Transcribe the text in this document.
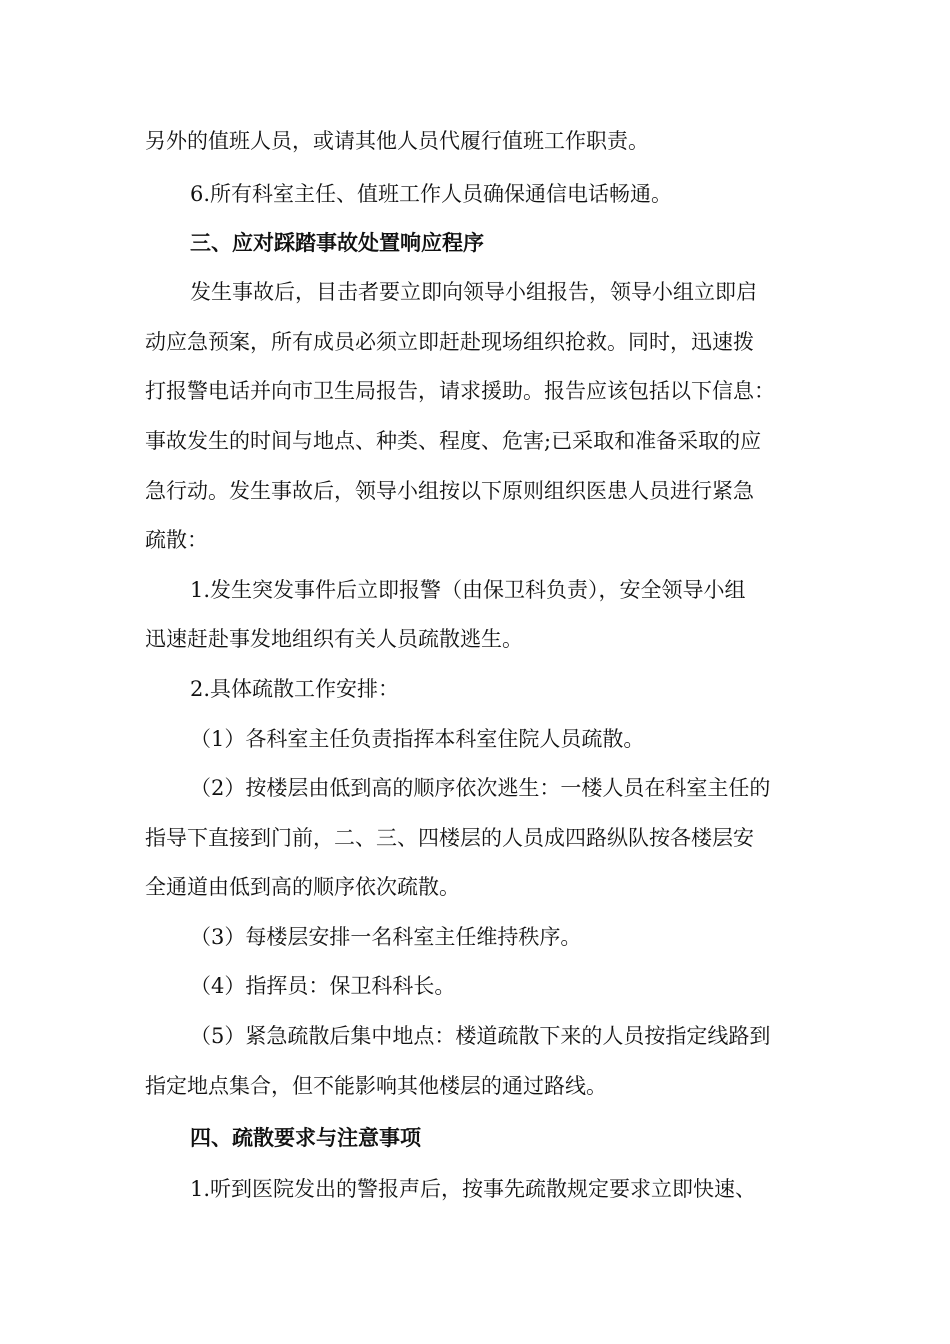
另外的值班人员，或请其他人员代履行值班工作职责。

6.所有科室主任、值班工作人员确保通信电话畅通。

三、应对踩踏事故处置响应程序

发生事故后，目击者要立即向领导小组报告，领导小组立即启

动应急预案，所有成员必须立即赶赴现场组织抢救。同时，迅速拨

打报警电话并向市卫生局报告，请求援助。报告应该包括以下信息：

事故发生的时间与地点、种类、程度、危害;已采取和准备采取的应

急行动。发生事故后，领导小组按以下原则组织医患人员进行紧急

疏散：

1.发生突发事件后立即报警（由保卫科负责），安全领导小组

迅速赶赴事发地组织有关人员疏散逃生。

2.具体疏散工作安排：

（1）各科室主任负责指挥本科室住院人员疏散。

（2）按楼层由低到高的顺序依次逃生：一楼人员在科室主任的

指导下直接到门前，二、三、四楼层的人员成四路纵队按各楼层安

全通道由低到高的顺序依次疏散。

（3）每楼层安排一名科室主任维持秩序。

（4）指挥员：保卫科科长。

（5）紧急疏散后集中地点：楼道疏散下来的人员按指定线路到

指定地点集合，但不能影响其他楼层的通过路线。

四、疏散要求与注意事项

1.听到医院发出的警报声后，按事先疏散规定要求立即快速、
